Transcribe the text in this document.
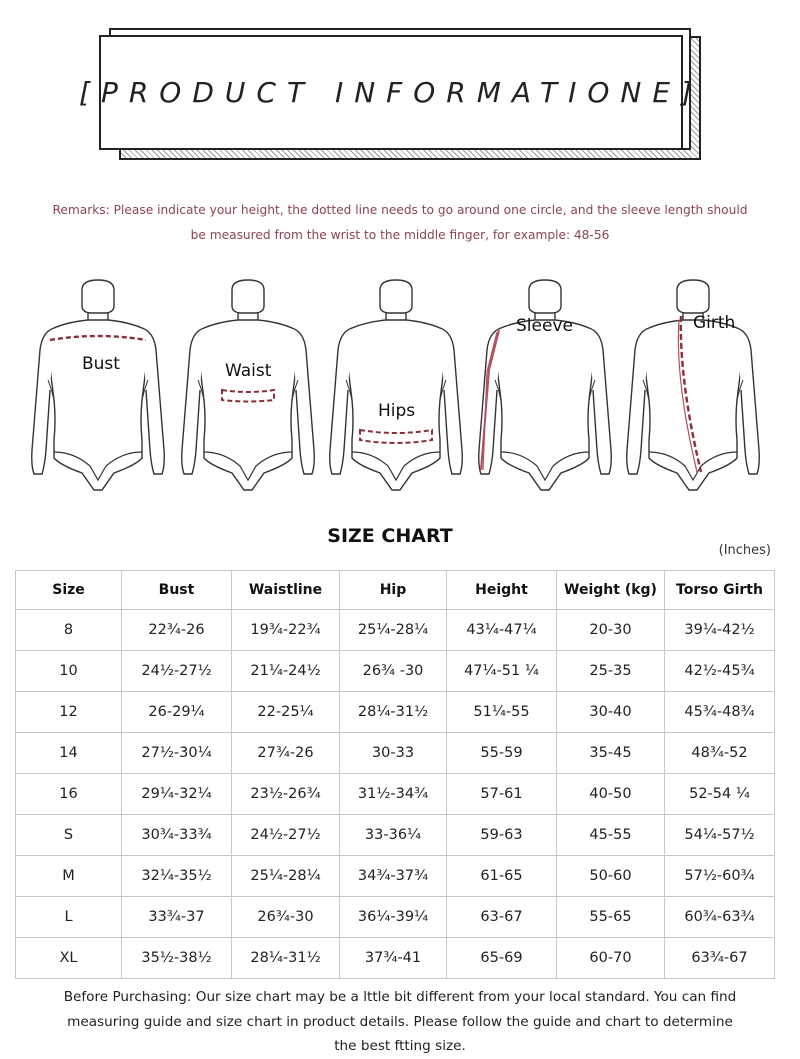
[PRODUCT INFORMATIONE]
Remarks: Please indicate your height, the dotted line needs to go around one circle, and the sleeve length should
be measured from the wrist to the middle finger, for example: 48-56
Bust	Waist
Hips
Sleeve	Girth
SIZE CHART
(Inches)
Size	Bust	Waistline	Hip	Height	Weight (kg)	Torso Girth
8	22¾-26	19¾-22¾	25¼-28¼	43¼-47¼	20-30	39¼-42½
10	24½-27½	21¼-24½	26¾ -30	47¼-51 ¼	25-35	42½-45¾
12	26-29¼	22-25¼	28¼-31½	51¼-55	30-40	45¾-48¾
14	27½-30¼	27¾-26	30-33	55-59	35-45	48¾-52
16	29¼-32¼	23½-26¾	31½-34¾	57-61	40-50	52-54 ¼
S	30¾-33¾	24½-27½	33-36¼	59-63	45-55	54¼-57½
M	32¼-35½	25¼-28¼	34¾-37¾	61-65	50-60	57½-60¾
L	33¾-37	26¾-30	36¼-39¼	63-67	55-65	60¾-63¾
XL	35½-38½	28¼-31½	37¾-41	65-69	60-70	63¾-67
Before Purchasing: Our size chart may be a lttle bit different from your local standard. You can find
measuring guide and size chart in product details. Please follow the guide and chart to determine
the best ftting size.
